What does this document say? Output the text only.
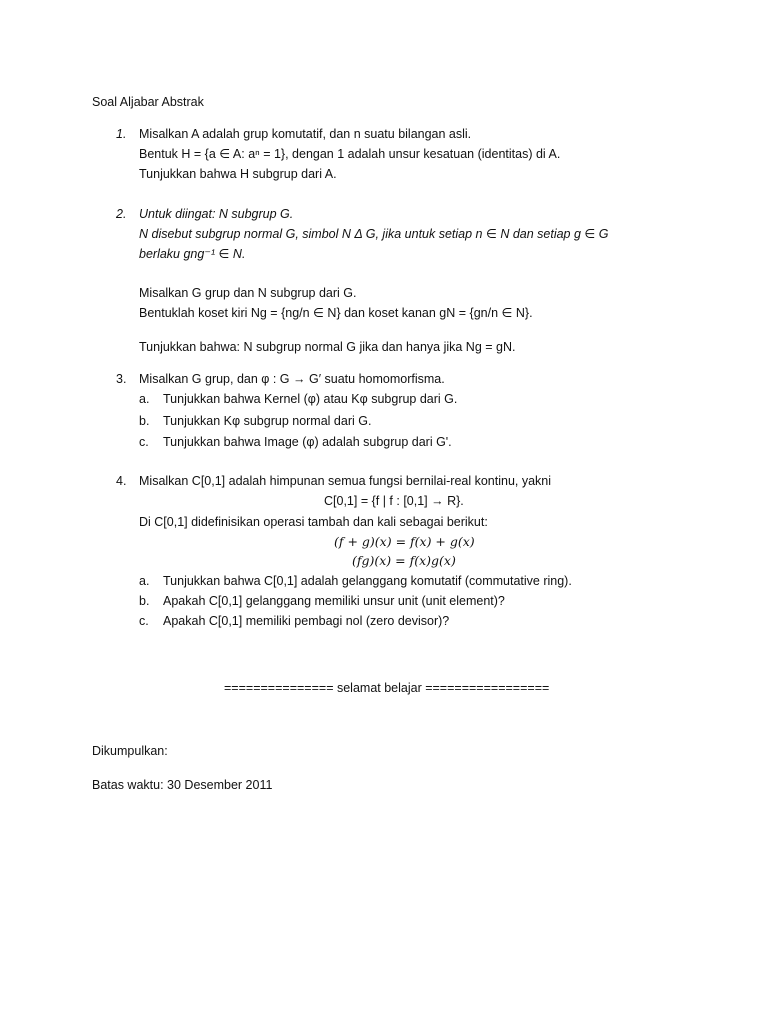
Soal Aljabar Abstrak
1. Misalkan A adalah grup komutatif, dan n suatu bilangan asli.
Bentuk H = {a ∈ A: aⁿ = 1}, dengan 1 adalah unsur kesatuan (identitas) di A.
Tunjukkan bahwa H subgrup dari A.
2. Untuk diingat: N subgrup G.
N disebut subgrup normal G, simbol N Δ G, jika untuk setiap n ∈ N dan setiap g ∈ G
berlaku gng⁻¹ ∈ N.
Misalkan G grup dan N subgrup dari G.
Bentuklah koset kiri Ng = {ng/n ∈ N} dan koset kanan gN = {gn/n ∈ N}.
Tunjukkan bahwa: N subgrup normal G jika dan hanya jika Ng = gN.
3. Misalkan G grup, dan φ : G → G′ suatu homomorfisma.
a. Tunjukkan bahwa Kernel (φ) atau Kφ subgrup dari G.
b. Tunjukkan Kφ subgrup normal dari G.
c. Tunjukkan bahwa Image (φ) adalah subgrup dari G'.
4. Misalkan C[0,1] adalah himpunan semua fungsi bernilai-real kontinu, yakni
C[0,1] = {f | f : [0,1] → R}.
Di C[0,1] didefinisikan operasi tambah dan kali sebagai berikut:
(f + g)(x) = f(x) + g(x)
(fg)(x) = f(x)g(x)
a. Tunjukkan bahwa C[0,1] adalah gelanggang komutatif (commutative ring).
b. Apakah C[0,1] gelanggang memiliki unsur unit (unit element)?
c. Apakah C[0,1] memiliki pembagi nol (zero devisor)?
=============== selamat belajar =================
Dikumpulkan:
Batas waktu: 30 Desember 2011
